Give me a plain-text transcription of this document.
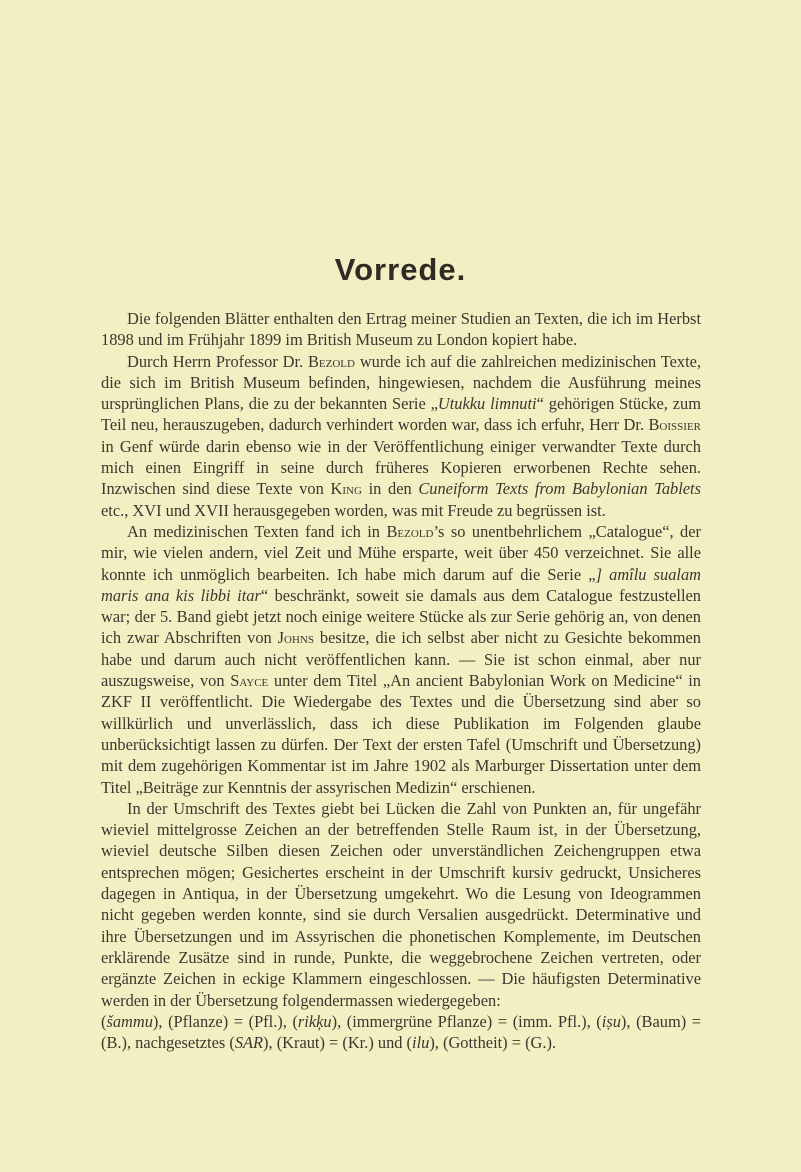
Vorrede.

Die folgenden Blätter enthalten den Ertrag meiner Studien an Texten, die ich im Herbst 1898 und im Frühjahr 1899 im British Museum zu London kopiert habe.

Durch Herrn Professor Dr. Bezold wurde ich auf die zahlreichen medizinischen Texte, die sich im British Museum befinden, hingewiesen, nachdem die Ausführung meines ursprünglichen Plans, die zu der bekannten Serie „Utukku limnuti“ gehörigen Stücke, zum Teil neu, herauszugeben, dadurch verhindert worden war, dass ich erfuhr, Herr Dr. Boissier in Genf würde darin ebenso wie in der Veröffentlichung einiger verwandter Texte durch mich einen Eingriff in seine durch früheres Kopieren erworbenen Rechte sehen. Inzwischen sind diese Texte von King in den Cuneiform Texts from Babylonian Tablets etc., XVI und XVII herausgegeben worden, was mit Freude zu begrüssen ist.

An medizinischen Texten fand ich in Bezold’s so unentbehrlichem „Catalogue“, der mir, wie vielen andern, viel Zeit und Mühe ersparte, weit über 450 verzeichnet. Sie alle konnte ich unmöglich bearbeiten. Ich habe mich darum auf die Serie „] amîlu sualam maris ana kis libbi itar“ beschränkt, soweit sie damals aus dem Catalogue festzustellen war; der 5. Band giebt jetzt noch einige weitere Stücke als zur Serie gehörig an, von denen ich zwar Abschriften von Johns besitze, die ich selbst aber nicht zu Gesichte bekommen habe und darum auch nicht veröffentlichen kann. — Sie ist schon einmal, aber nur auszugsweise, von Sayce unter dem Titel „An ancient Babylonian Work on Medicine“ in ZKF II veröffentlicht. Die Wiedergabe des Textes und die Übersetzung sind aber so willkürlich und unverlässlich, dass ich diese Publikation im Folgenden glaube unberücksichtigt lassen zu dürfen. Der Text der ersten Tafel (Umschrift und Übersetzung) mit dem zugehörigen Kommentar ist im Jahre 1902 als Marburger Dissertation unter dem Titel „Beiträge zur Kenntnis der assyrischen Medizin“ erschienen.

In der Umschrift des Textes giebt bei Lücken die Zahl von Punkten an, für ungefähr wieviel mittelgrosse Zeichen an der betreffenden Stelle Raum ist, in der Übersetzung, wieviel deutsche Silben diesen Zeichen oder unverständlichen Zeichengruppen etwa entsprechen mögen; Gesichertes erscheint in der Umschrift kursiv gedruckt, Unsicheres dagegen in Antiqua, in der Übersetzung umgekehrt. Wo die Lesung von Ideogrammen nicht gegeben werden konnte, sind sie durch Versalien ausgedrückt. Determinative und ihre Übersetzungen und im Assyrischen die phonetischen Komplemente, im Deutschen erklärende Zusätze sind in runde, Punkte, die weggebrochene Zeichen vertreten, oder ergänzte Zeichen in eckige Klammern eingeschlossen. — Die häufigsten Determinative werden in der Übersetzung folgendermassen wiedergegeben:

(šammu), (Pflanze) = (Pfl.), (rikķu), (immergrüne Pflanze) = (imm. Pfl.), (iṣu), (Baum) = (B.), nachgesetztes (SAR), (Kraut) = (Kr.) und (ilu), (Gottheit) = (G.).
